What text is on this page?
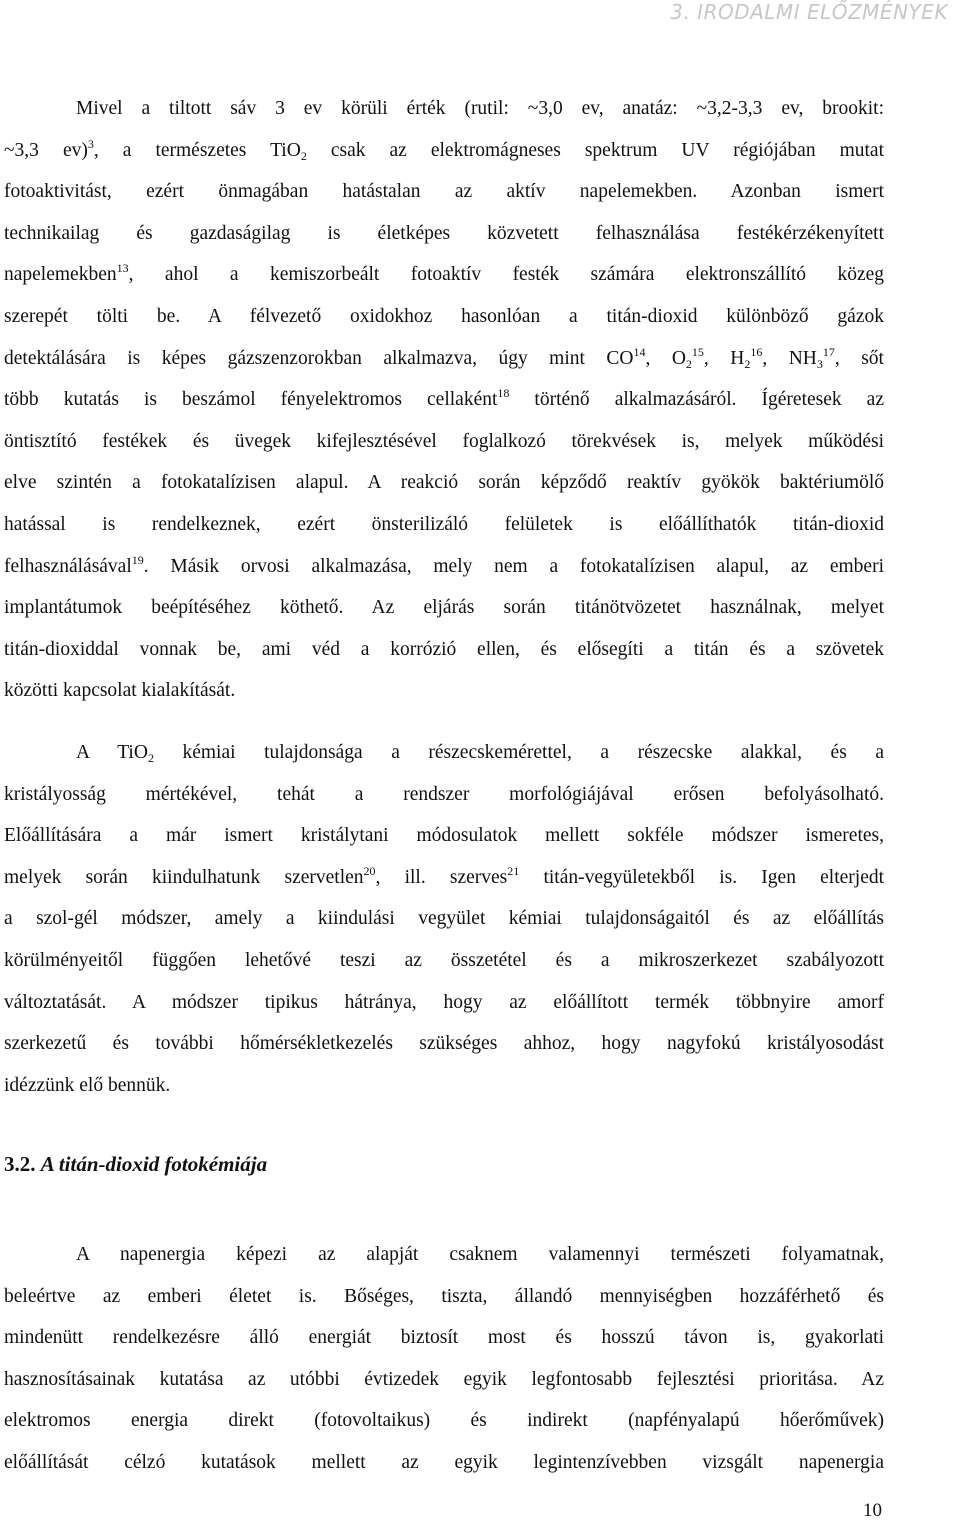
3. IRODALMI ELŐZMÉNYEK
Mivel a tiltott sáv 3 ev körüli érték (rutil: ~3,0 ev, anatáz: ~3,2-3,3 ev, brookit:
~3,3 ev)$^3$, a természetes TiO$_2$ csak az elektromágneses spektrum UV régiójában mutat
fotoaktivitást, ezért önmagában hatástalan az aktív napelemekben. Azonban ismert
technikailag és gazdaságilag is életképes közvetett felhasználása festékérzékenyített
napelemekben$^{13}$, ahol a kemiszorbeált fotoaktív festék számára elektronszállító közeg
szerepét tölti be. A félvezető oxidokhoz hasonlóan a titán-dioxid különböző gázok
detektálására is képes gázszenzorokban alkalmazva, úgy mint CO$^{14}$, $O_2^{15}$, $H_2^{16}$, $NH_3^{17}$, sőt
több kutatás is beszámol fényelektromos cellaként$^{18}$ történő alkalmazásáról. Ígéretesek az
öntisztító festékek és üvegek kifejlesztésével foglalkozó törekvések is, melyek működési
elve szintén a fotokatalízisen alapul. A reakció során képződő reaktív gyökök baktériumölő
hatással is rendelkeznek, ezért önsterilizáló felületek is előállíthatók titán-dioxid
felhasználásával$^{19}$. Másik orvosi alkalmazása, mely nem a fotokatalízisen alapul, az emberi
implantátumok beépítéséhez köthető. Az eljárás során titánötvözetet használnak, melyet
titán-dioxiddal vonnak be, ami véd a korrózió ellen, és elősegíti a titán és a szövetek
közötti kapcsolat kialakítását.
A TiO$_2$ kémiai tulajdonsága a részecskemérettel, a részecske alakkal, és a
kristályosság mértékével, tehát a rendszer morfológiájával erősen befolyásolható.
Előállítására a már ismert kristálytani módosulatok mellett sokféle módszer ismeretes,
melyek során kiindulhatunk szervetlen$^{20}$, ill. szerves$^{21}$ titán-vegyületekből is. Igen elterjedt
a szol-gél módszer, amely a kiindulási vegyület kémiai tulajdonságaitól és az előállítás
körülményeitől függően lehetővé teszi az összetétel és a mikroszerkezet szabályozott
változtatását. A módszer tipikus hátránya, hogy az előállított termék többnyire amorf
szerkezetű és további hőmérsékletkezelés szükséges ahhoz, hogy nagyfokú kristályosodást
idézzünk elő bennük.
3.2. A titán-dioxid fotokémiája
A napenergia képezi az alapját csaknem valamennyi természeti folyamatnak,
beleértve az emberi életet is. Bőséges, tiszta, állandó mennyiségben hozzáférhető és
mindenütt rendelkezésre álló energiát biztosít most és hosszú távon is, gyakorlati
hasznosításainak kutatása az utóbbi évtizedek egyik legfontosabb fejlesztési prioritása. Az
elektromos energia direkt (fotovoltaikus) és indirekt (napfényalapú hőerőművek)
előállítását célzó kutatások mellett az egyik legintenzívebben vizsgált napenergia
10
